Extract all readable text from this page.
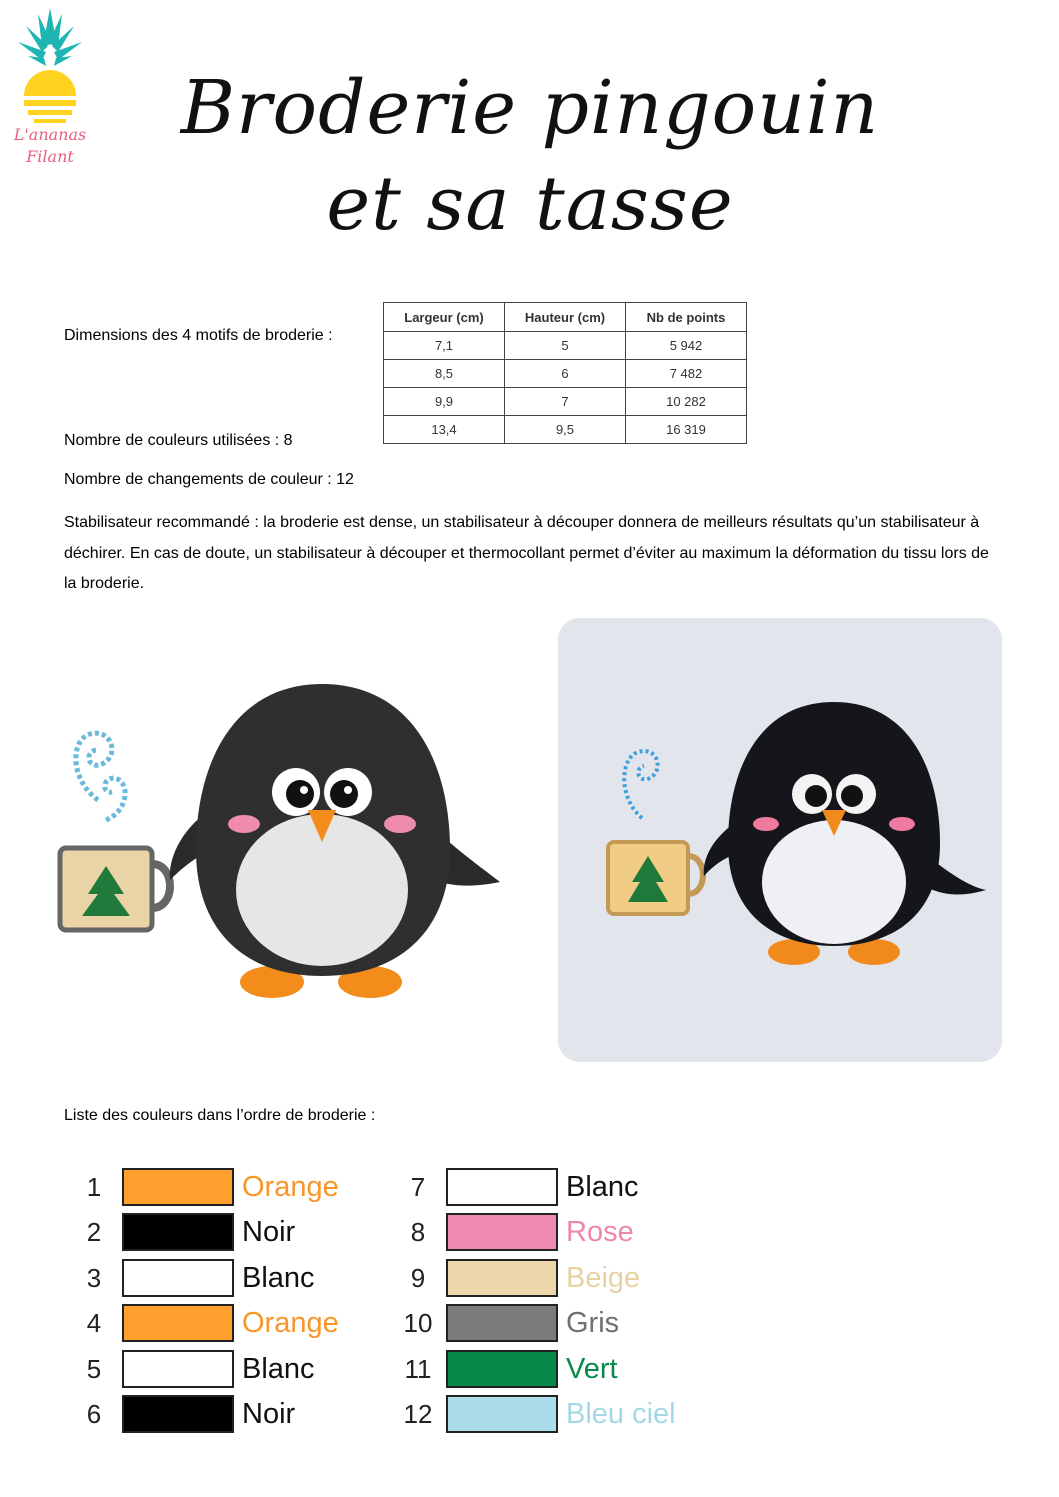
L'ananas
Filant
Broderie pingouin
et sa tasse
Dimensions des 4 motifs de broderie :
Largeur (cm)	Hauteur (cm)	Nb de points
7,1	5	5 942
8,5	6	7 482
9,9	7	10 282
13,4	9,5	16 319
Nombre de couleurs utilisées : 8
Nombre de changements de couleur : 12
Stabilisateur recommandé : la broderie est dense, un stabilisateur à découper donnera de meilleurs résultats qu’un stabilisateur à déchirer. En cas de doute, un stabilisateur à découper et thermocollant permet d’éviter au maximum la déformation du tissu lors de la broderie.
Liste des couleurs dans l’ordre de broderie :
1	Orange
2	Noir
3	Blanc
4	Orange
5	Blanc
6	Noir
7	Blanc
8	Rose
9	Beige
10	Gris
11	Vert
12	Bleu ciel
